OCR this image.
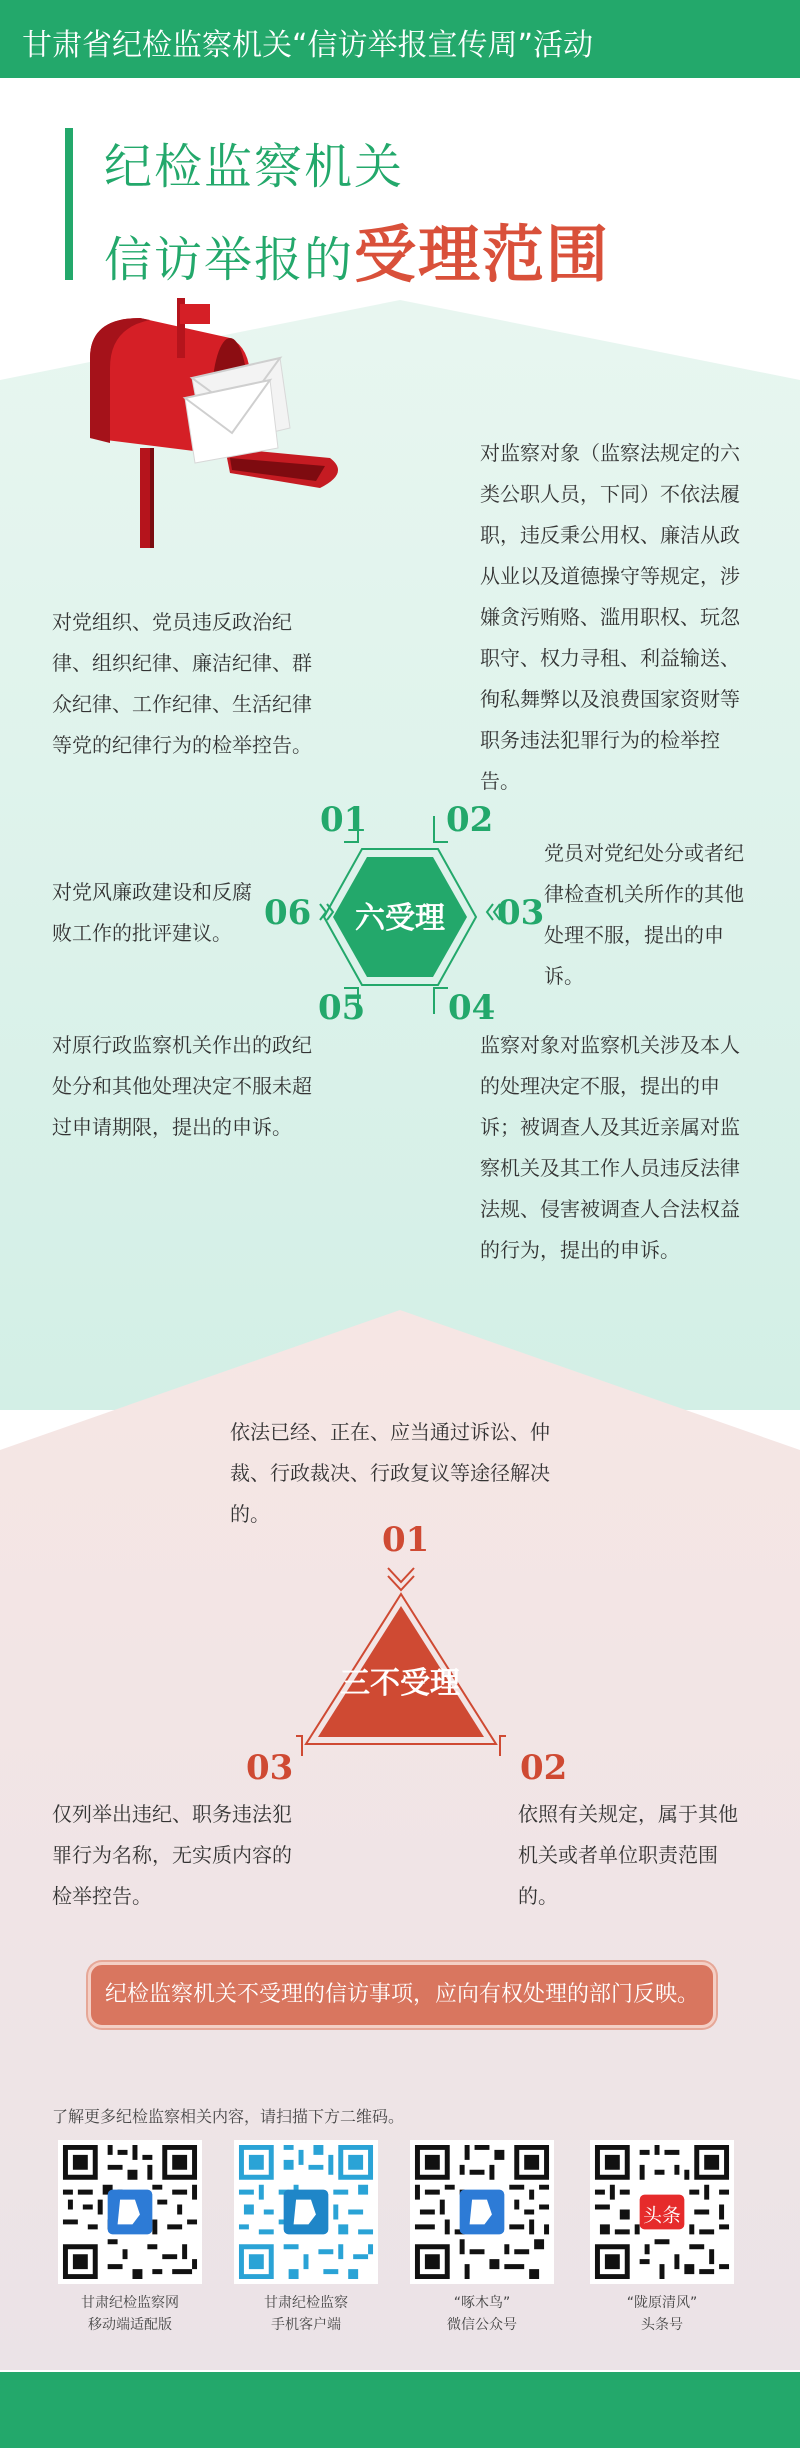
甘肃省纪检监察机关“信访举报宣传周”活动
纪检监察机关
信访举报的受理范围
对党组织、党员违反政治纪律、组织纪律、廉洁纪律、群众纪律、工作纪律、生活纪律等党的纪律行为的检举控告。
对监察对象（监察法规定的六类公职人员，下同）不依法履职，违反秉公用权、廉洁从政从业以及道德操守等规定，涉嫌贪污贿赂、滥用职权、玩忽职守、权力寻租、利益输送、徇私舞弊以及浪费国家资财等职务违法犯罪行为的检举控告。
党员对党纪处分或者纪律检查机关所作的其他处理不服，提出的申诉。
监察对象对监察机关涉及本人的处理决定不服，提出的申诉；被调查人及其近亲属对监察机关及其工作人员违反法律法规、侵害被调查人合法权益的行为，提出的申诉。
对原行政监察机关作出的政纪处分和其他处理决定不服未超过申请期限，提出的申诉。
对党风廉政建设和反腐败工作的批评建议。	六受理
01 02
03
04
05
06
依法已经、正在、应当通过诉讼、仲裁、行政裁决、行政复议等途径解决的。
01
三不受理
02
03
依照有关规定，属于其他机关或者单位职责范围的。
仅列举出违纪、职务违法犯罪行为名称，无实质内容的检举控告。
纪检监察机关不受理的信访事项，应向有权处理的部门反映。
了解更多纪检监察相关内容，请扫描下方二维码。
头条
甘肃纪检监察网
移动端适配版
甘肃纪检监察
手机客户端
“啄木鸟”
微信公众号
“陇原清风”
头条号
